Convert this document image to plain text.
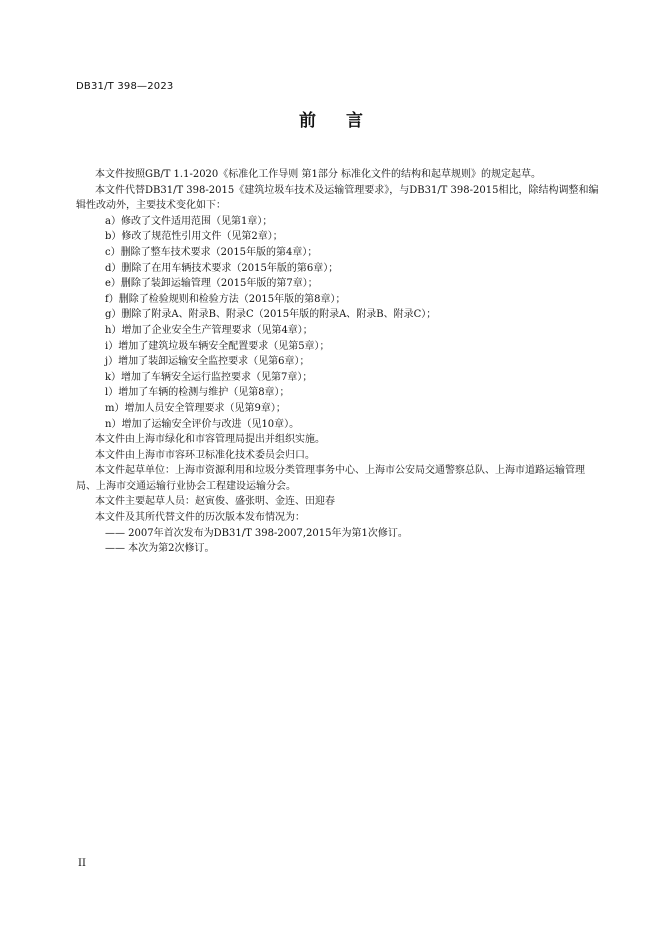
DB31/T 398—2023
前言

本文件按照GB/T 1.1-2020《标准化工作导则 第1部分 标准化文件的结构和起草规则》的规定起草。

本文件代替DB31/T 398-2015《建筑垃圾车技术及运输管理要求》，与DB31/T 398-2015相比，除结构调整和编辑性改动外，主要技术变化如下：

a）修改了文件适用范围（见第1章）；

b）修改了规范性引用文件（见第2章）；

c）删除了整车技术要求（2015年版的第4章）；

d）删除了在用车辆技术要求（2015年版的第6章）；

e）删除了装卸运输管理（2015年版的第7章）；

f）删除了检验规则和检验方法（2015年版的第8章）；

g）删除了附录A、附录B、附录C（2015年版的附录A、附录B、附录C）；

h）增加了企业安全生产管理要求（见第4章）；

i）增加了建筑垃圾车辆安全配置要求（见第5章）；

j）增加了装卸运输安全监控要求（见第6章）；

k）增加了车辆安全运行监控要求（见第7章）；

l）增加了车辆的检测与维护（见第8章）；

m）增加人员安全管理要求（见第9章）；

n）增加了运输安全评价与改进（见10章）。

本文件由上海市绿化和市容管理局提出并组织实施。

本文件由上海市市容环卫标准化技术委员会归口。

本文件起草单位：上海市资源利用和垃圾分类管理事务中心、上海市公安局交通警察总队、上海市道路运输管理局、上海市交通运输行业协会工程建设运输分会。

本文件主要起草人员：赵寅俊、盛张明、金连、田迎春

本文件及其所代替文件的历次版本发布情况为：

—— 2007年首次发布为DB31/T 398-2007,2015年为第1次修订。

—— 本次为第2次修订。

II
